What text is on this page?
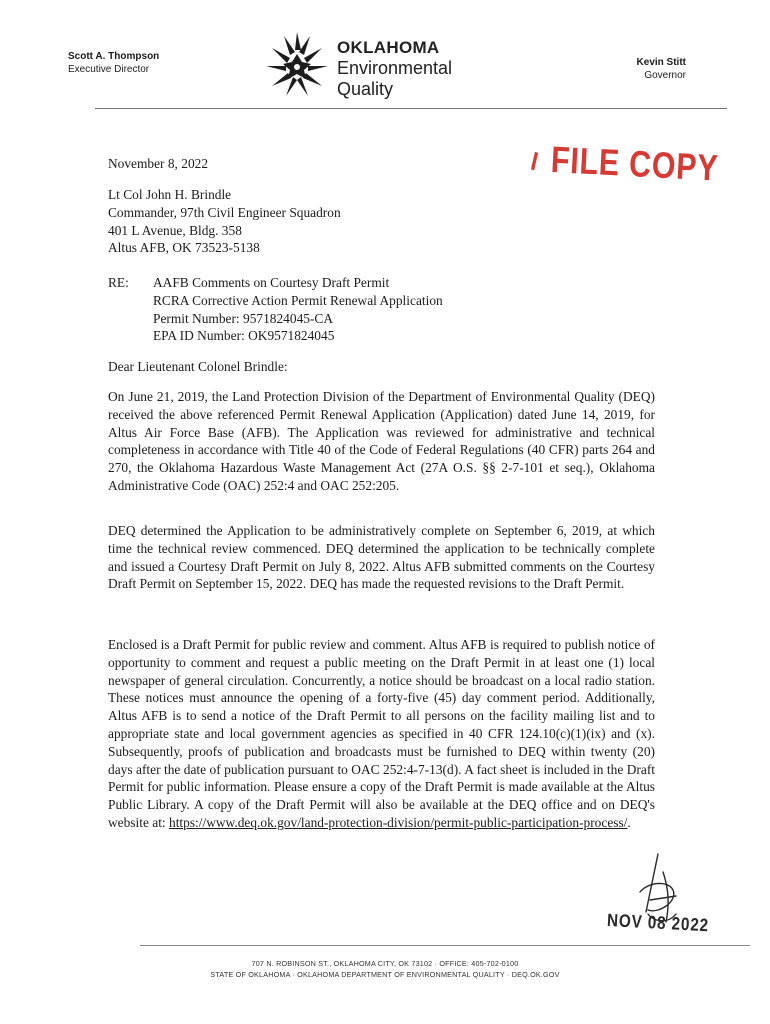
Scott A. Thompson
Executive Director
OKLAHOMA
Environmental
Quality
Kevin Stitt
Governor
FILE COPY
November 8, 2022
Lt Col John H. Brindle
Commander, 97th Civil Engineer Squadron
401 L Avenue, Bldg. 358
Altus AFB, OK 73523-5138
RE: AAFB Comments on Courtesy Draft Permit
RCRA Corrective Action Permit Renewal Application
Permit Number: 9571824045-CA
EPA ID Number: OK9571824045
Dear Lieutenant Colonel Brindle:
On June 21, 2019, the Land Protection Division of the Department of Environmental Quality (DEQ) received the above referenced Permit Renewal Application (Application) dated June 14, 2019, for Altus Air Force Base (AFB). The Application was reviewed for administrative and technical completeness in accordance with Title 40 of the Code of Federal Regulations (40 CFR) parts 264 and 270, the Oklahoma Hazardous Waste Management Act (27A O.S. §§ 2-7-101 et seq.), Oklahoma Administrative Code (OAC) 252:4 and OAC 252:205.
DEQ determined the Application to be administratively complete on September 6, 2019, at which time the technical review commenced. DEQ determined the application to be technically complete and issued a Courtesy Draft Permit on July 8, 2022. Altus AFB submitted comments on the Courtesy Draft Permit on September 15, 2022. DEQ has made the requested revisions to the Draft Permit.
Enclosed is a Draft Permit for public review and comment. Altus AFB is required to publish notice of opportunity to comment and request a public meeting on the Draft Permit in at least one (1) local newspaper of general circulation. Concurrently, a notice should be broadcast on a local radio station. These notices must announce the opening of a forty-five (45) day comment period. Additionally, Altus AFB is to send a notice of the Draft Permit to all persons on the facility mailing list and to appropriate state and local government agencies as specified in 40 CFR 124.10(c)(1)(ix) and (x). Subsequently, proofs of publication and broadcasts must be furnished to DEQ within twenty (20) days after the date of publication pursuant to OAC 252:4-7-13(d). A fact sheet is included in the Draft Permit for public information. Please ensure a copy of the Draft Permit is made available at the Altus Public Library. A copy of the Draft Permit will also be available at the DEQ office and on DEQ's website at: https://www.deq.ok.gov/land-protection-division/permit-public-participation-process/.
NOV 08 2022
707 N. ROBINSON ST., OKLAHOMA CITY, OK 73102 · OFFICE: 405-702-0100
STATE OF OKLAHOMA · OKLAHOMA DEPARTMENT OF ENVIRONMENTAL QUALITY · DEQ.OK.GOV
